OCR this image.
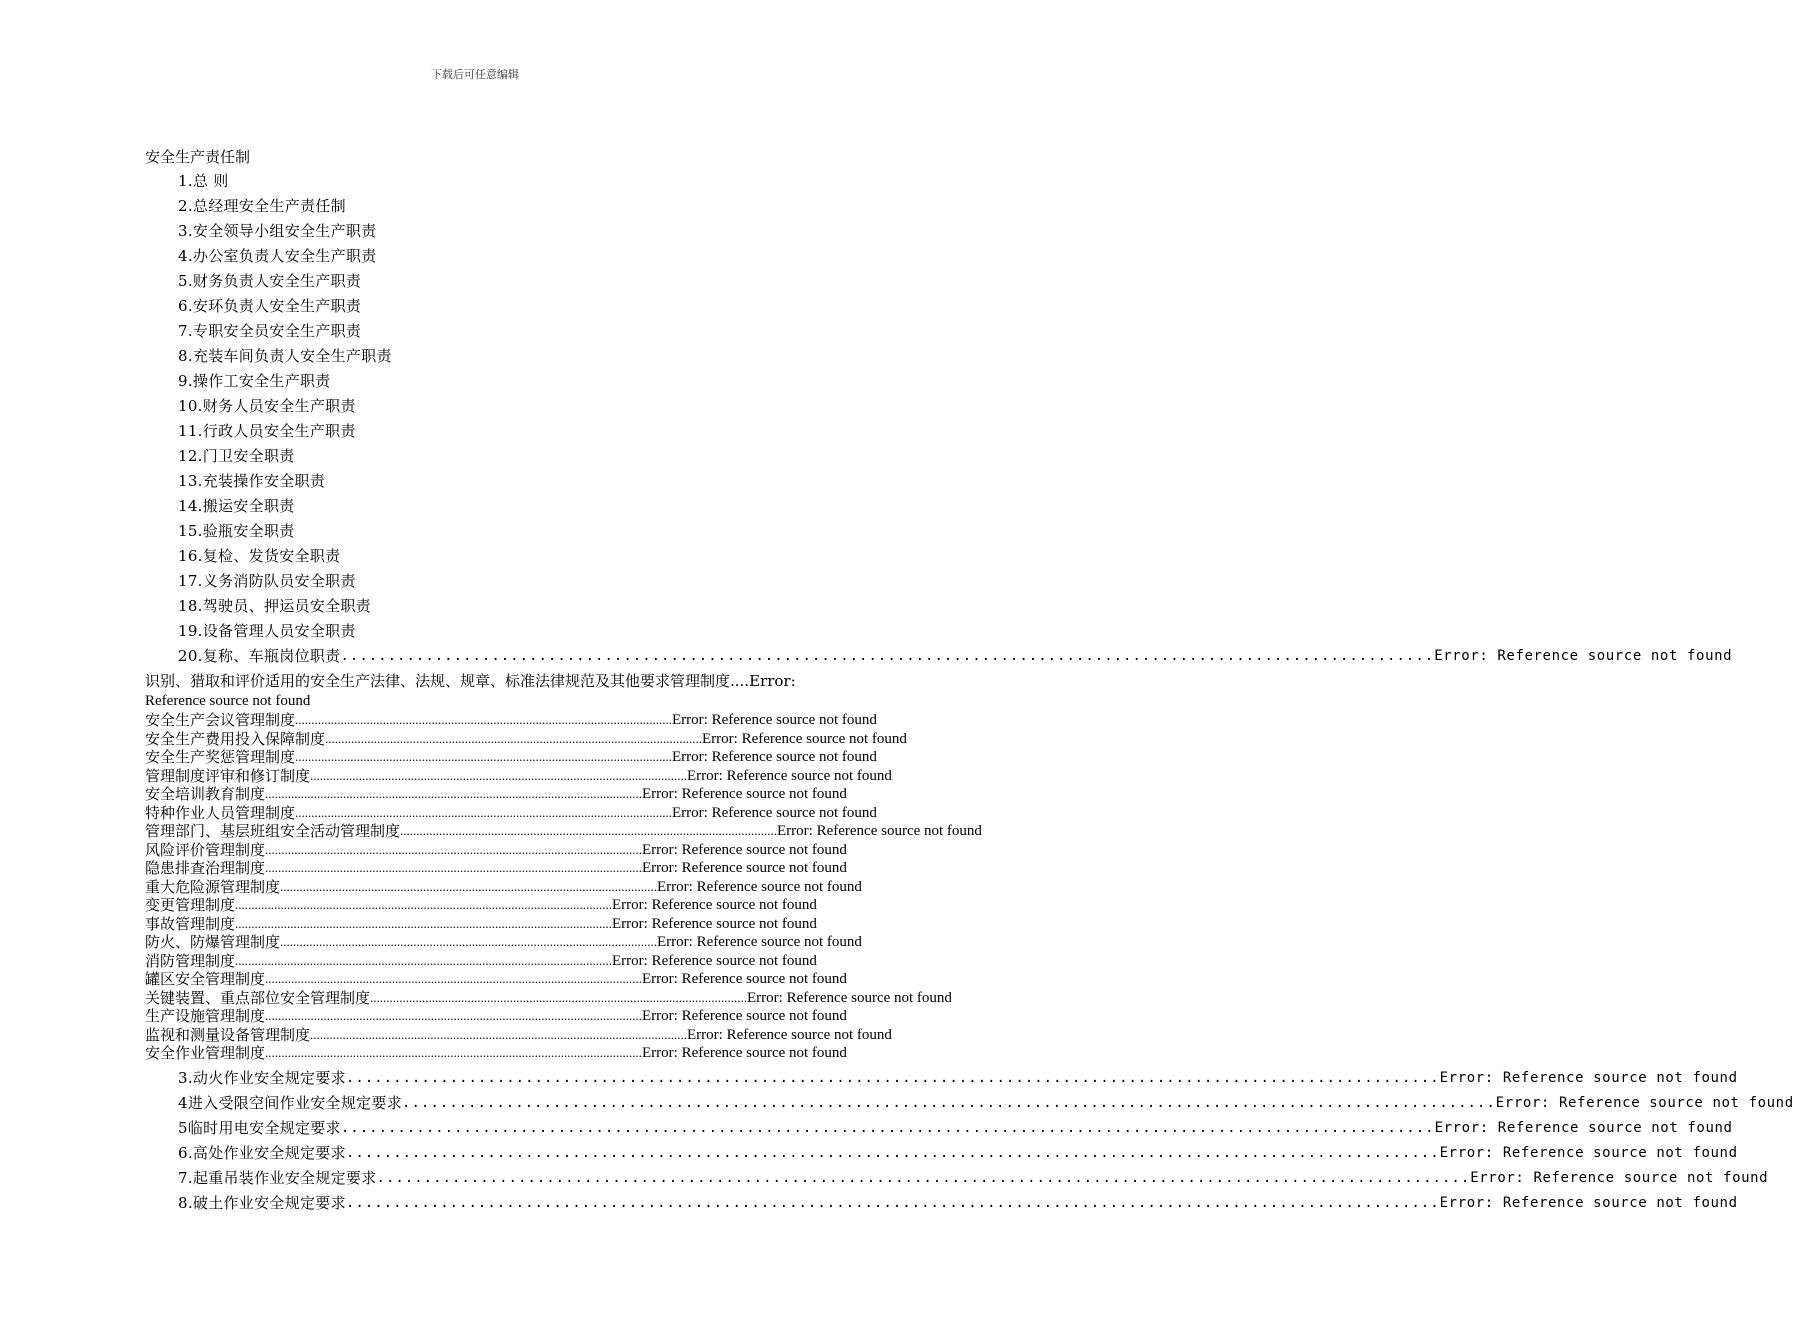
下载后可任意编辑
安全生产责任制
1.总 则
2.总经理安全生产责任制
3.安全领导小组安全生产职责
4.办公室负责人安全生产职责
5.财务负责人安全生产职责
6.安环负责人安全生产职责
7.专职安全员安全生产职责
8.充装车间负责人安全生产职责
9.操作工安全生产职责
10.财务人员安全生产职责
11.行政人员安全生产职责
12.门卫安全职责
13.充装操作安全职责
14.搬运安全职责
15.验瓶安全职责
16.复检、发货安全职责
17.义务消防队员安全职责
18.驾驶员、押运员安全职责
19.设备管理人员安全职责
20.复称、车瓶岗位职责 .................................................................................................................... Error: Reference source not found
识别、猎取和评价适用的安全生产法律、法规、规章、标准法律规范及其他要求管理制度....Error:
Reference source not found
安全生产会议管理制度 .................................................................................................................... Error: Reference source not found
安全生产费用投入保障制度 .................................................................................................................... Error: Reference source not found
安全生产奖惩管理制度 .................................................................................................................... Error: Reference source not found
管理制度评审和修订制度 .................................................................................................................... Error: Reference source not found
安全培训教育制度 .................................................................................................................... Error: Reference source not found
特种作业人员管理制度 .................................................................................................................... Error: Reference source not found
管理部门、基层班组安全活动管理制度 .................................................................................................................... Error: Reference source not found
风险评价管理制度 .................................................................................................................... Error: Reference source not found
隐患排查治理制度 .................................................................................................................... Error: Reference source not found
重大危险源管理制度 .................................................................................................................... Error: Reference source not found
变更管理制度 .................................................................................................................... Error: Reference source not found
事故管理制度 .................................................................................................................... Error: Reference source not found
防火、防爆管理制度 .................................................................................................................... Error: Reference source not found
消防管理制度 .................................................................................................................... Error: Reference source not found
罐区安全管理制度 .................................................................................................................... Error: Reference source not found
关键装置、重点部位安全管理制度 .................................................................................................................... Error: Reference source not found
生产设施管理制度 .................................................................................................................... Error: Reference source not found
监视和测量设备管理制度 .................................................................................................................... Error: Reference source not found
安全作业管理制度 .................................................................................................................... Error: Reference source not found
3.动火作业安全规定要求 .................................................................................................................... Error: Reference source not found
4进入受限空间作业安全规定要求 .................................................................................................................... Error: Reference source not found
5临时用电安全规定要求 .................................................................................................................... Error: Reference source not found
6.高处作业安全规定要求 .................................................................................................................... Error: Reference source not found
7.起重吊装作业安全规定要求 .................................................................................................................... Error: Reference source not found
8.破土作业安全规定要求 .................................................................................................................... Error: Reference source not found
